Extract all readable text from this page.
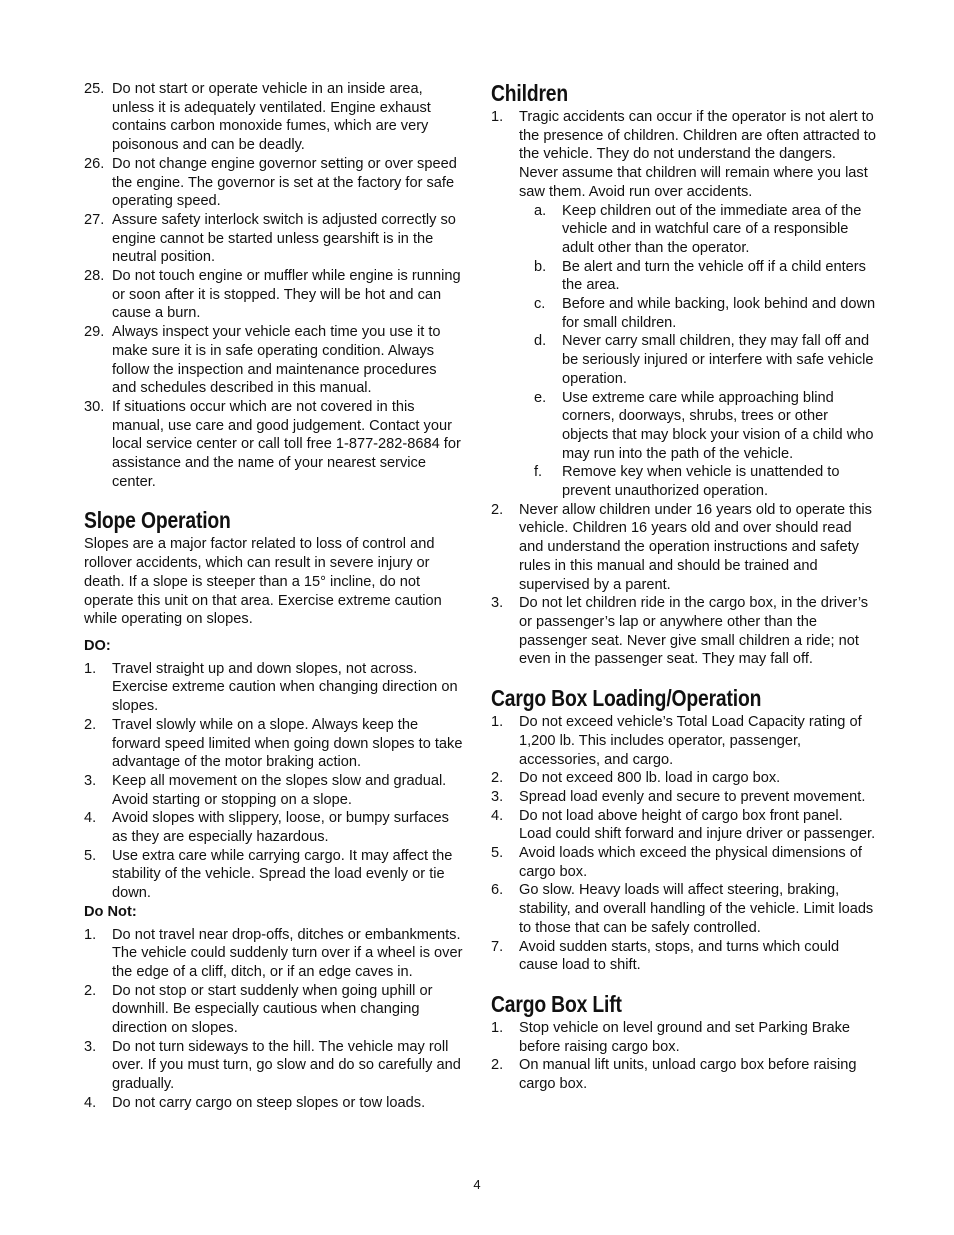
25. Do not start or operate vehicle in an inside area, unless it is adequately ventilated. Engine exhaust contains carbon monoxide fumes, which are very poisonous and can be deadly.
26. Do not change engine governor setting or over speed the engine. The governor is set at the factory for safe operating speed.
27. Assure safety interlock switch is adjusted correctly so engine cannot be started unless gearshift is in the neutral position.
28. Do not touch engine or muffler while engine is running or soon after it is stopped. They will be hot and can cause a burn.
29. Always inspect your vehicle each time you use it to make sure it is in safe operating condition. Always follow the inspection and maintenance procedures and schedules described in this manual.
30. If situations occur which are not covered in this manual, use care and good judgement. Contact your local service center or call toll free 1-877-282-8684 for assistance and the name of your nearest service center.
Slope Operation

Slopes are a major factor related to loss of control and rollover accidents, which can result in severe injury or death. If a slope is steeper than a 15° incline, do not operate this unit on that area. Exercise extreme caution while operating on slopes.

DO:
1.	Travel straight up and down slopes, not across. Exercise extreme caution when changing direction on slopes.
2.	Travel slowly while on a slope. Always keep the forward speed limited when going down slopes to take advantage of the motor braking action.
3.	Keep all movement on the slopes slow and gradual. Avoid starting or stopping on a slope.
4.	Avoid slopes with slippery, loose, or bumpy surfaces as they are especially hazardous.
5.	Use extra care while carrying cargo. It may affect the stability of the vehicle. Spread the load evenly or tie down.
Do Not:
1.	Do not travel near drop-offs, ditches or embankments. The vehicle could suddenly turn over if a wheel is over the edge of a cliff, ditch, or if an edge caves in.
2.	Do not stop or start suddenly when going uphill or downhill. Be especially cautious when changing direction on slopes.
3.	Do not turn sideways to the hill. The vehicle may roll over. If you must turn, go slow and do so carefully and gradually.
4.	Do not carry cargo on steep slopes or tow loads.
Children
1.	Tragic accidents can occur if the operator is not alert to the presence of children. Children are often attracted to the vehicle. They do not understand the dangers. Never assume that children will remain where you last saw them. Avoid run over accidents.
a.	Keep children out of the immediate area of the vehicle and in watchful care of a responsible adult other than the operator.
b.	Be alert and turn the vehicle off if a child enters the area.
c.	Before and while backing, look behind and down for small children.
d.	Never carry small children, they may fall off and be seriously injured or interfere with safe vehicle operation.
e.	Use extreme care while approaching blind corners, doorways, shrubs, trees or other objects that may block your vision of a child who may run into the path of the vehicle.
f.	Remove key when vehicle is unattended to prevent unauthorized operation.
2.	Never allow children under 16 years old to operate this vehicle. Children 16 years old and over should read and understand the operation instructions and safety rules in this manual and should be trained and supervised by a parent.
3.	Do not let children ride in the cargo box, in the driver’s or passenger’s lap or anywhere other than the passenger seat. Never give small children a ride; not even in the passenger seat. They may fall off.
Cargo Box Loading/Operation
1.	Do not exceed vehicle’s Total Load Capacity rating of 1,200 lb. This includes operator, passenger, accessories, and cargo.
2.	Do not exceed 800 lb. load in cargo box.
3.	Spread load evenly and secure to prevent movement.
4.	Do not load above height of cargo box front panel. Load could shift forward and injure driver or passenger.
5.	Avoid loads which exceed the physical dimensions of cargo box.
6.	Go slow. Heavy loads will affect steering, braking, stability, and overall handling of the vehicle. Limit loads to those that can be safely controlled.
7.	Avoid sudden starts, stops, and turns which could cause load to shift.
Cargo Box Lift
1.	Stop vehicle on level ground and set Parking Brake before raising cargo box.
2.	On manual lift units, unload cargo box before raising cargo box.
4
